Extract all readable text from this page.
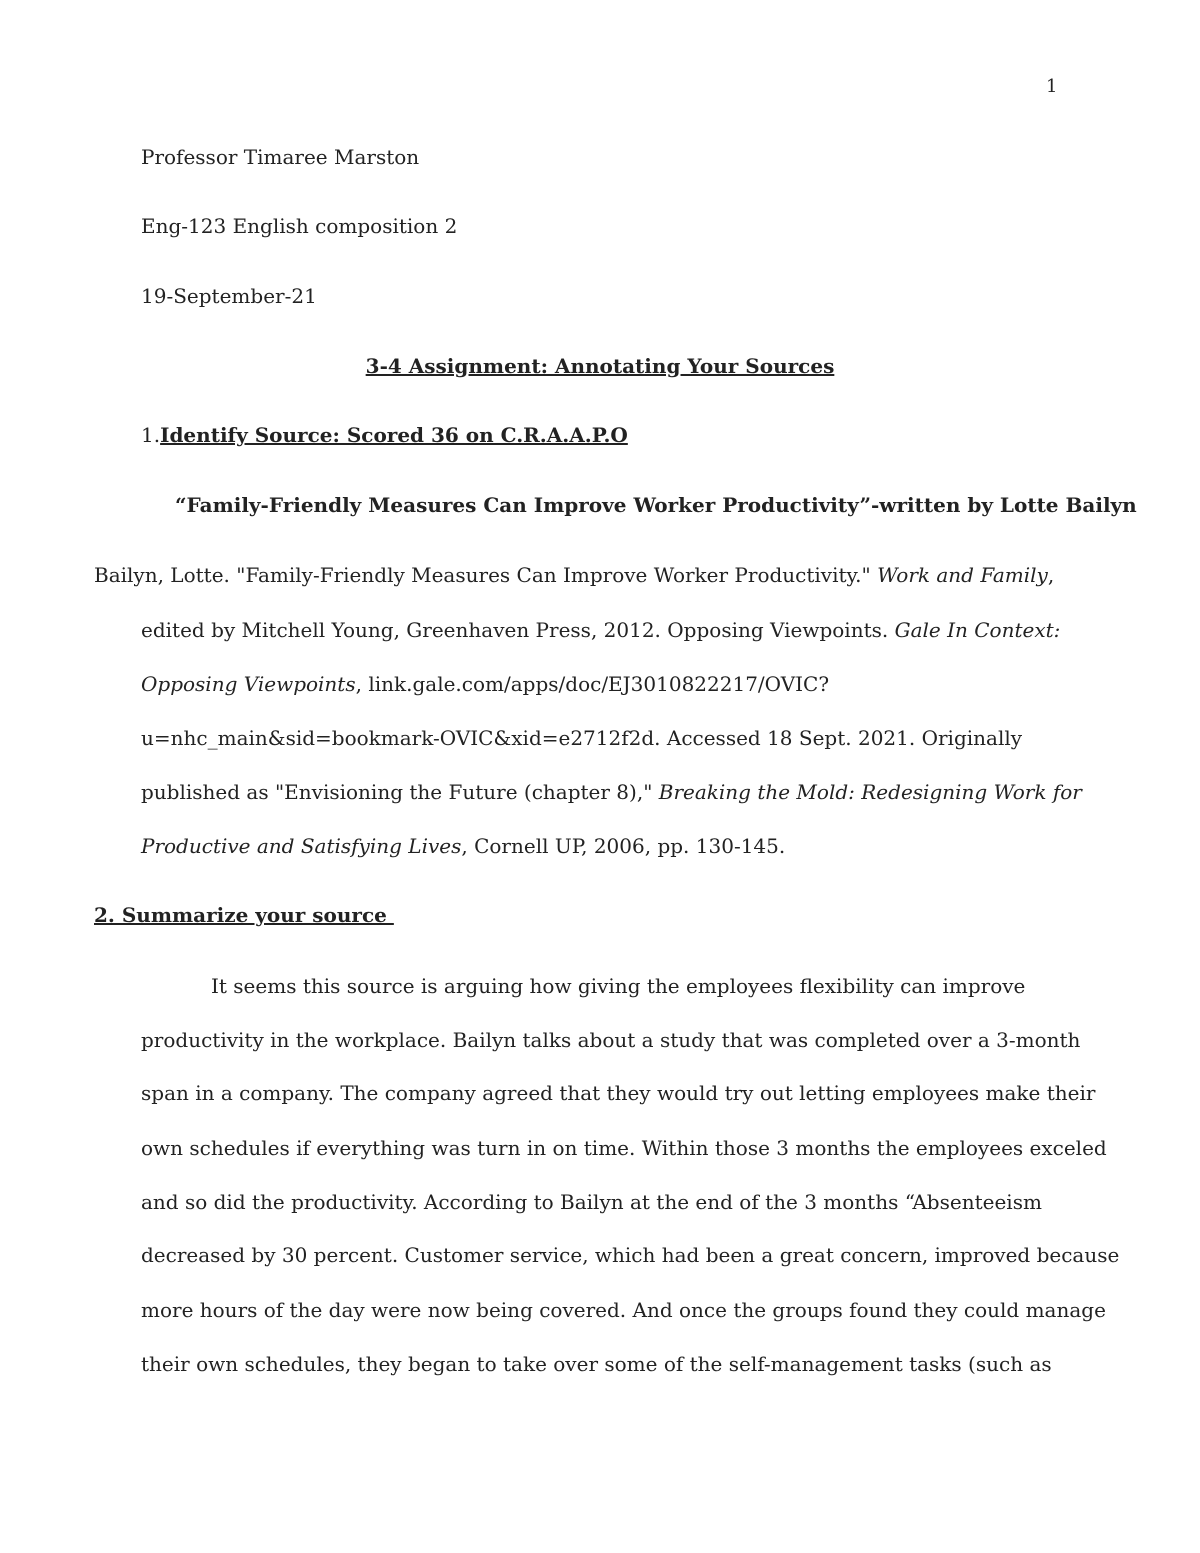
1
Professor Timaree Marston
Eng-123 English composition 2
19-September-21
3-4 Assignment: Annotating Your Sources
1.Identify Source: Scored 36 on C.R.A.A.P.O
“Family-Friendly Measures Can Improve Worker Productivity”-written by Lotte Bailyn
Bailyn, Lotte. "Family-Friendly Measures Can Improve Worker Productivity." Work and Family,
edited by Mitchell Young, Greenhaven Press, 2012. Opposing Viewpoints. Gale In Context:
Opposing Viewpoints, link.gale.com/apps/doc/EJ3010822217/OVIC?
u=nhc_main&sid=bookmark-OVIC&xid=e2712f2d. Accessed 18 Sept. 2021. Originally
published as "Envisioning the Future (chapter 8)," Breaking the Mold: Redesigning Work for
Productive and Satisfying Lives, Cornell UP, 2006, pp. 130-145.
2. Summarize your source
It seems this source is arguing how giving the employees flexibility can improve
productivity in the workplace. Bailyn talks about a study that was completed over a 3-month
span in a company. The company agreed that they would try out letting employees make their
own schedules if everything was turn in on time. Within those 3 months the employees exceled
and so did the productivity. According to Bailyn at the end of the 3 months “Absenteeism
decreased by 30 percent. Customer service, which had been a great concern, improved because
more hours of the day were now being covered. And once the groups found they could manage
their own schedules, they began to take over some of the self-management tasks (such as
